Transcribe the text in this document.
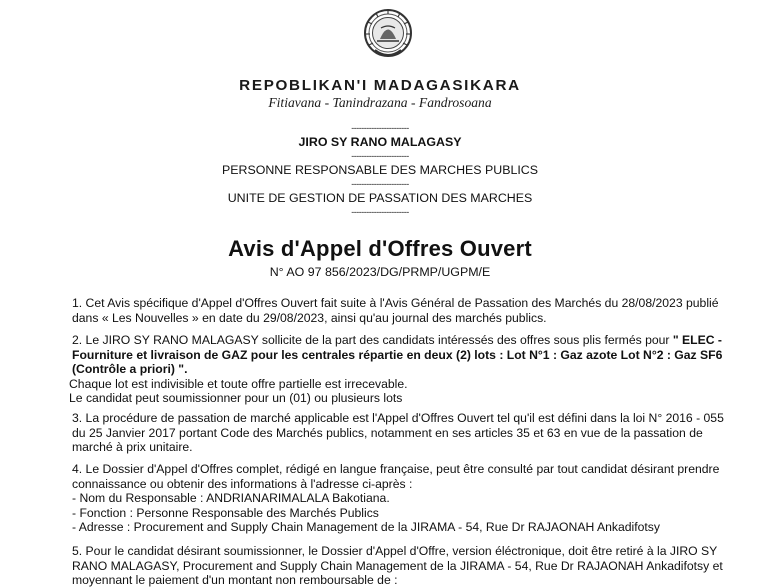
REPOBLIKAN'I MADAGASIKARA
Fitiavana - Tanindrazana - Fandrosoana
-----------------------
JIRO SY RANO MALAGASY
-----------------------
PERSONNE RESPONSABLE DES MARCHES PUBLICS
-----------------------
UNITE DE GESTION DE PASSATION DES MARCHES
-----------------------
Avis d'Appel d'Offres Ouvert
N° AO 97 856/2023/DG/PRMP/UGPM/E
1. Cet Avis spécifique d'Appel d'Offres Ouvert fait suite à l'Avis Général de Passation des Marchés du 28/08/2023 publié
dans « Les Nouvelles » en date du 29/08/2023, ainsi qu'au journal des marchés publics.
2. Le JIRO SY RANO MALAGASY sollicite de la part des candidats intéressés des offres sous plis fermés pour " ELEC -
Fourniture et livraison de GAZ pour les centrales répartie en deux (2) lots : Lot N°1 : Gaz azote Lot N°2 : Gaz SF6
(Contrôle a priori) ".
Chaque lot est indivisible et toute offre partielle est irrecevable.
Le candidat peut soumissionner pour un (01) ou plusieurs lots
3. La procédure de passation de marché applicable est l'Appel d'Offres Ouvert tel qu'il est défini dans la loi N° 2016 - 055
du 25 Janvier 2017 portant Code des Marchés publics, notamment en ses articles 35 et 63 en vue de la passation de
marché à prix unitaire.
4. Le Dossier d'Appel d'Offres complet, rédigé en langue française, peut être consulté par tout candidat désirant prendre
connaissance ou obtenir des informations à l'adresse ci-après :
- Nom du Responsable : ANDRIANARIMALALA Bakotiana.
- Fonction : Personne Responsable des Marchés Publics
- Adresse : Procurement and Supply Chain Management de la JIRAMA - 54, Rue Dr RAJAONAH Ankadifotsy
5. Pour le candidat désirant soumissionner, le Dossier d'Appel d'Offre, version éléctronique, doit être retiré à la JIRO SY
RANO MALAGASY, Procurement and Supply Chain Management de la JIRAMA - 54, Rue Dr RAJAONAH Ankadifotsy et
moyennant le paiement d'un montant non remboursable de :
